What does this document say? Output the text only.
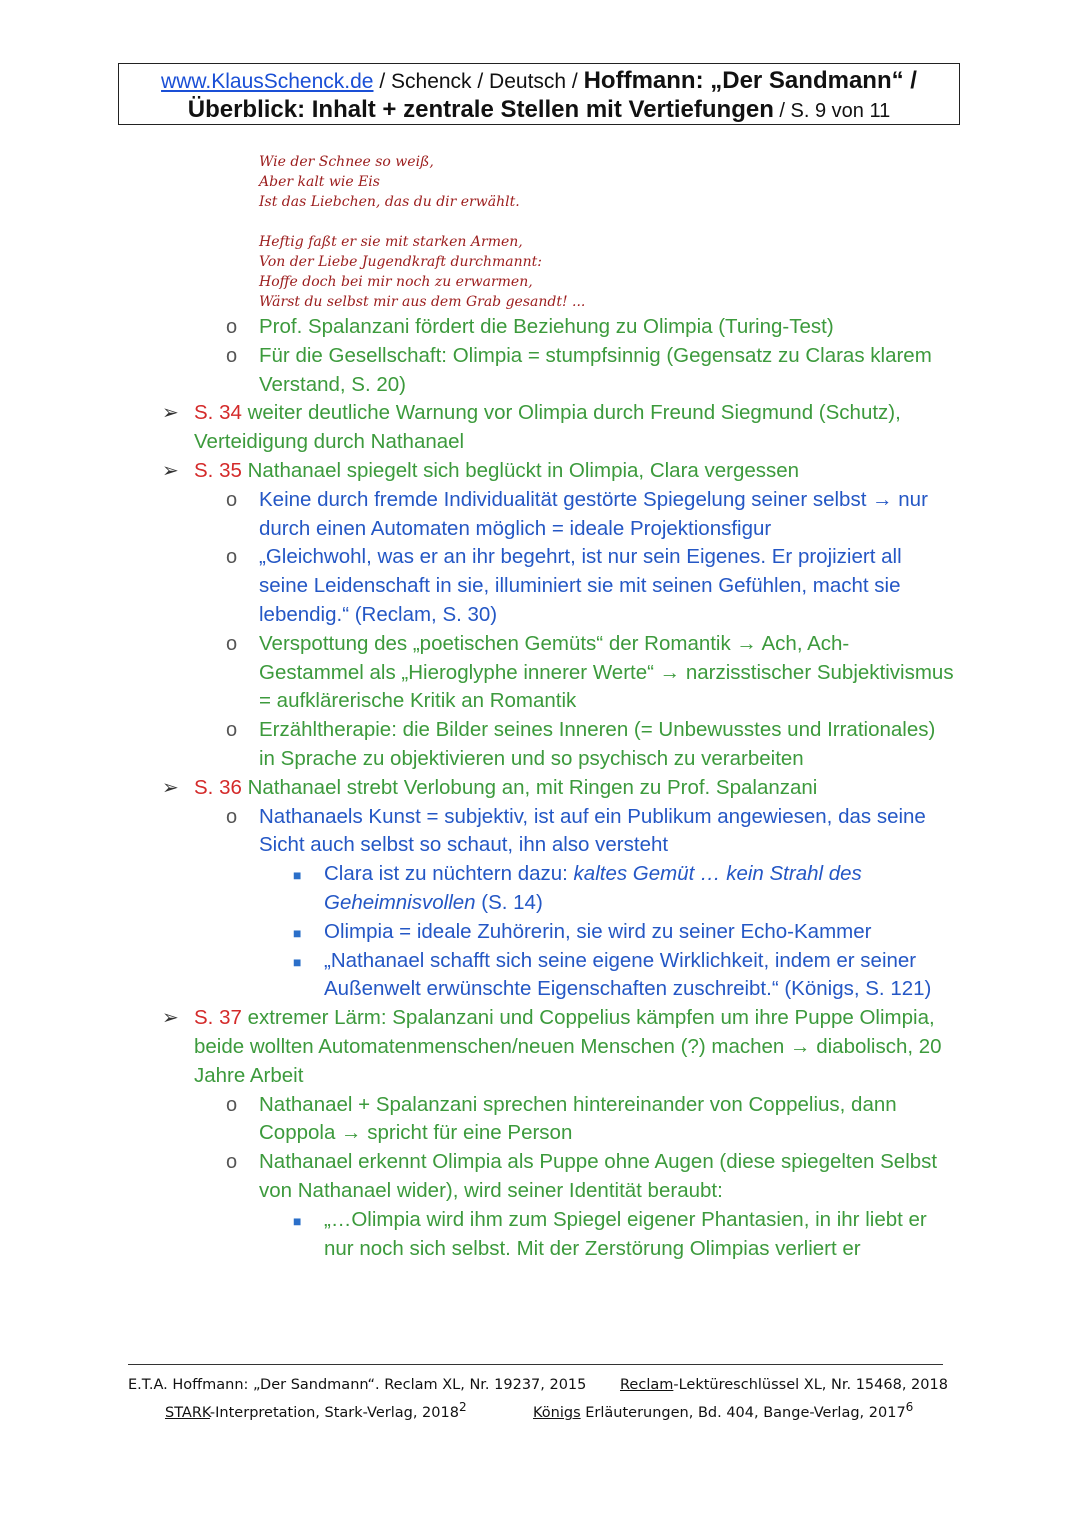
www.KlausSchenck.de / Schenck / Deutsch / Hoffmann: „Der Sandmann“ /
Überblick: Inhalt + zentrale Stellen mit Vertiefungen / S. 9 von 11
Wie der Schnee so weiß,
Aber kalt wie Eis
Ist das Liebchen, das du dir erwählt.
Heftig faßt er sie mit starken Armen,
Von der Liebe Jugendkraft durchmannt:
Hoffe doch bei mir noch zu erwarmen,
Wärst du selbst mir aus dem Grab gesandt! ...
o Prof. Spalanzani fördert die Beziehung zu Olimpia (Turing-Test)
o Für die Gesellschaft: Olimpia = stumpfsinnig (Gegensatz zu Claras klarem Verstand, S. 20)
➢ S. 34 weiter deutliche Warnung vor Olimpia durch Freund Siegmund (Schutz), Verteidigung durch Nathanael
➢ S. 35 Nathanael spiegelt sich beglückt in Olimpia, Clara vergessen
o Keine durch fremde Individualität gestörte Spiegelung seiner selbst → nur durch einen Automaten möglich = ideale Projektionsfigur
o „Gleichwohl, was er an ihr begehrt, ist nur sein Eigenes. Er projiziert all seine Leidenschaft in sie, illuminiert sie mit seinen Gefühlen, macht sie lebendig.“ (Reclam, S. 30)
o Verspottung des „poetischen Gemüts“ der Romantik → Ach, Ach-Gestammel als „Hieroglyphe innerer Werte“ → narzisstischer Subjektivismus = aufklärerische Kritik an Romantik
o Erzähltherapie: die Bilder seines Inneren (= Unbewusstes und Irrationales) in Sprache zu objektivieren und so psychisch zu verarbeiten
➢ S. 36 Nathanael strebt Verlobung an, mit Ringen zu Prof. Spalanzani
o Nathanaels Kunst = subjektiv, ist auf ein Publikum angewiesen, das seine Sicht auch selbst so schaut, ihn also versteht
■ Clara ist zu nüchtern dazu: kaltes Gemüt … kein Strahl des Geheimnisvollen (S. 14)
■ Olimpia = ideale Zuhörerin, sie wird zu seiner Echo-Kammer
■ „Nathanael schafft sich seine eigene Wirklichkeit, indem er seiner Außenwelt erwünschte Eigenschaften zuschreibt.“ (Königs, S. 121)
➢ S. 37 extremer Lärm: Spalanzani und Coppelius kämpfen um ihre Puppe Olimpia, beide wollten Automatenmenschen/neuen Menschen (?) machen → diabolisch, 20 Jahre Arbeit
o Nathanael + Spalanzani sprechen hintereinander von Coppelius, dann Coppola → spricht für eine Person
o Nathanael erkennt Olimpia als Puppe ohne Augen (diese spiegelten Selbst von Nathanael wider), wird seiner Identität beraubt:
■ „…Olimpia wird ihm zum Spiegel eigener Phantasien, in ihr liebt er nur noch sich selbst. Mit der Zerstörung Olimpias verliert er
E.T.A. Hoffmann: „Der Sandmann“. Reclam XL, Nr. 19237, 2015 Reclam-Lektüreschlüssel XL, Nr. 15468, 2018
STARK-Interpretation, Stark-Verlag, 2018$^2$	Königs Erläuterungen, Bd. 404, Bange-Verlag, 2017$^6$
